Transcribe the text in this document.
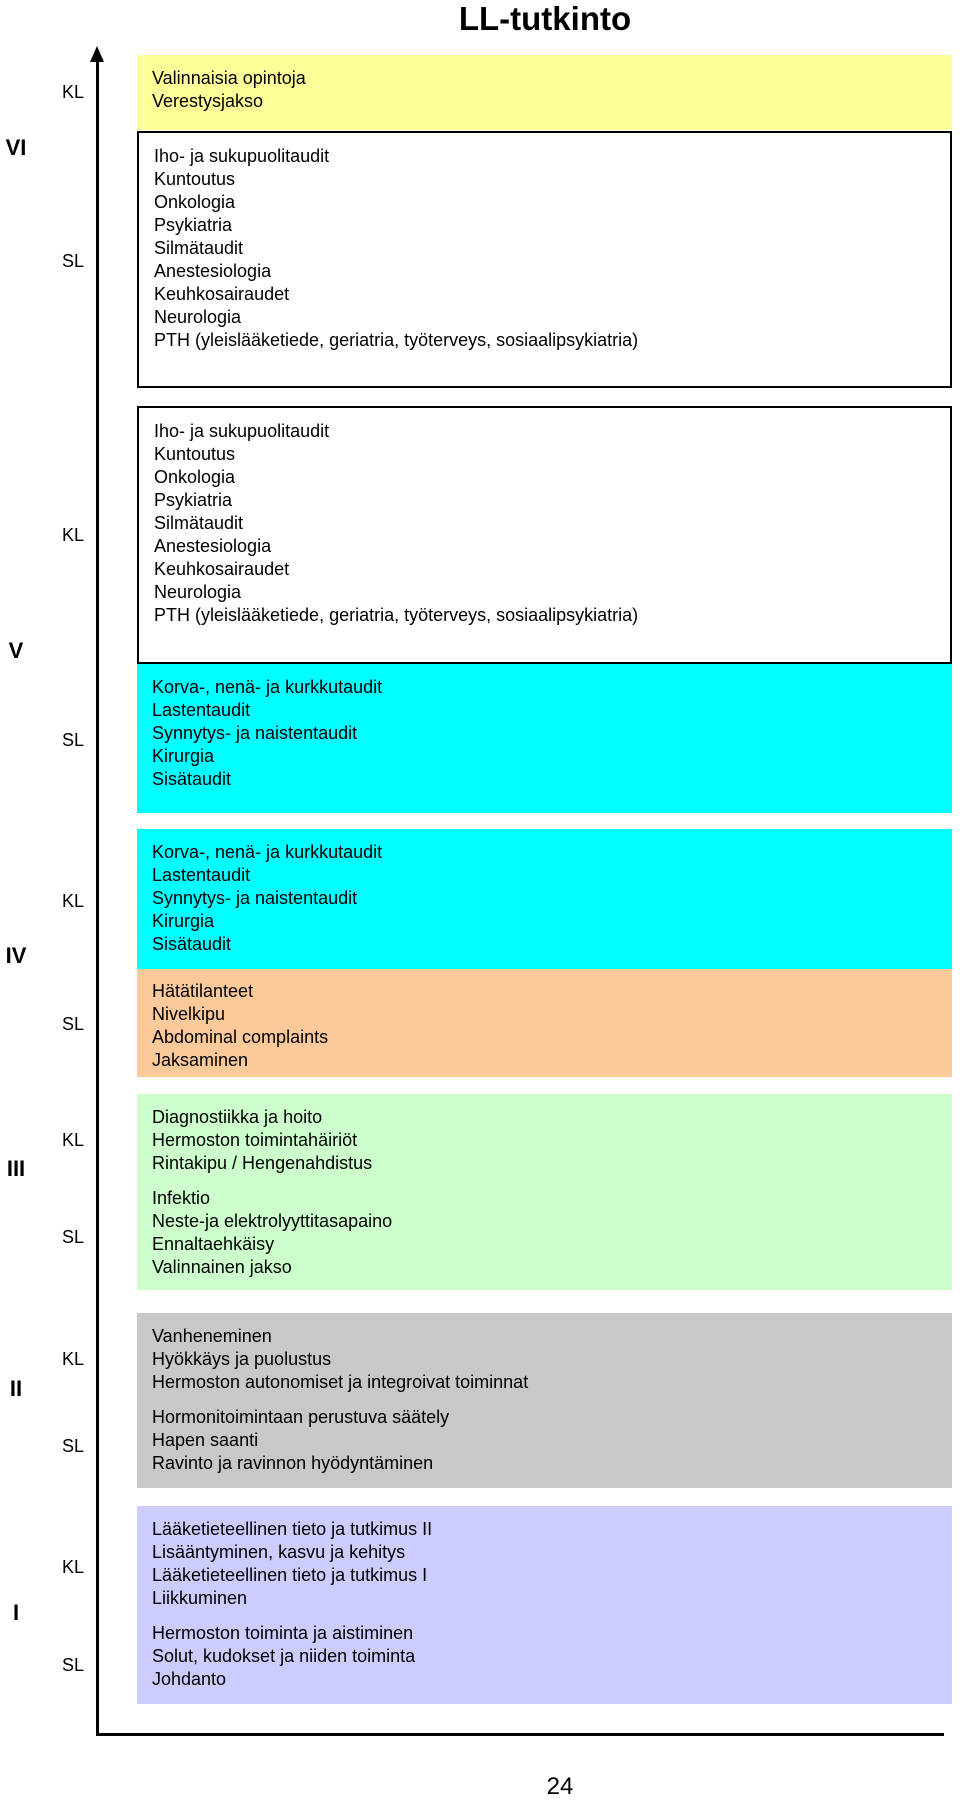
LL-tutkinto
VI
V
IV
III
II
I
KL
SL
KL
SL
KL
SL
KL
SL
KL
SL
KL
SL
Valinnaisia opintoja
Verestysjakso
Iho- ja sukupuolitaudit
Kuntoutus
Onkologia
Psykiatria
Silmätaudit
Anestesiologia
Keuhkosairaudet
Neurologia
PTH (yleislääketiede, geriatria, työterveys, sosiaalipsykiatria)
Iho- ja sukupuolitaudit
Kuntoutus
Onkologia
Psykiatria
Silmätaudit
Anestesiologia
Keuhkosairaudet
Neurologia
PTH (yleislääketiede, geriatria, työterveys, sosiaalipsykiatria)
Korva-, nenä- ja kurkkutaudit
Lastentaudit
Synnytys- ja naistentaudit
Kirurgia
Sisätaudit
Korva-, nenä- ja kurkkutaudit
Lastentaudit
Synnytys- ja naistentaudit
Kirurgia
Sisätaudit
Hätätilanteet
Nivelkipu
Abdominal complaints
Jaksaminen
Diagnostiikka ja hoito
Hermoston toimintahäiriöt
Rintakipu / Hengenahdistus
Infektio
Neste-ja elektrolyyttitasapaino
Ennaltaehkäisy
Valinnainen jakso
Vanheneminen
Hyökkäys ja puolustus
Hermoston autonomiset ja integroivat toiminnat
Hormonitoimintaan perustuva säätely
Hapen saanti
Ravinto ja ravinnon hyödyntäminen
Lääketieteellinen tieto ja tutkimus II
Lisääntyminen, kasvu ja kehitys
Lääketieteellinen tieto ja tutkimus I
Liikkuminen
Hermoston toiminta ja aistiminen
Solut, kudokset ja niiden toiminta
Johdanto
24
